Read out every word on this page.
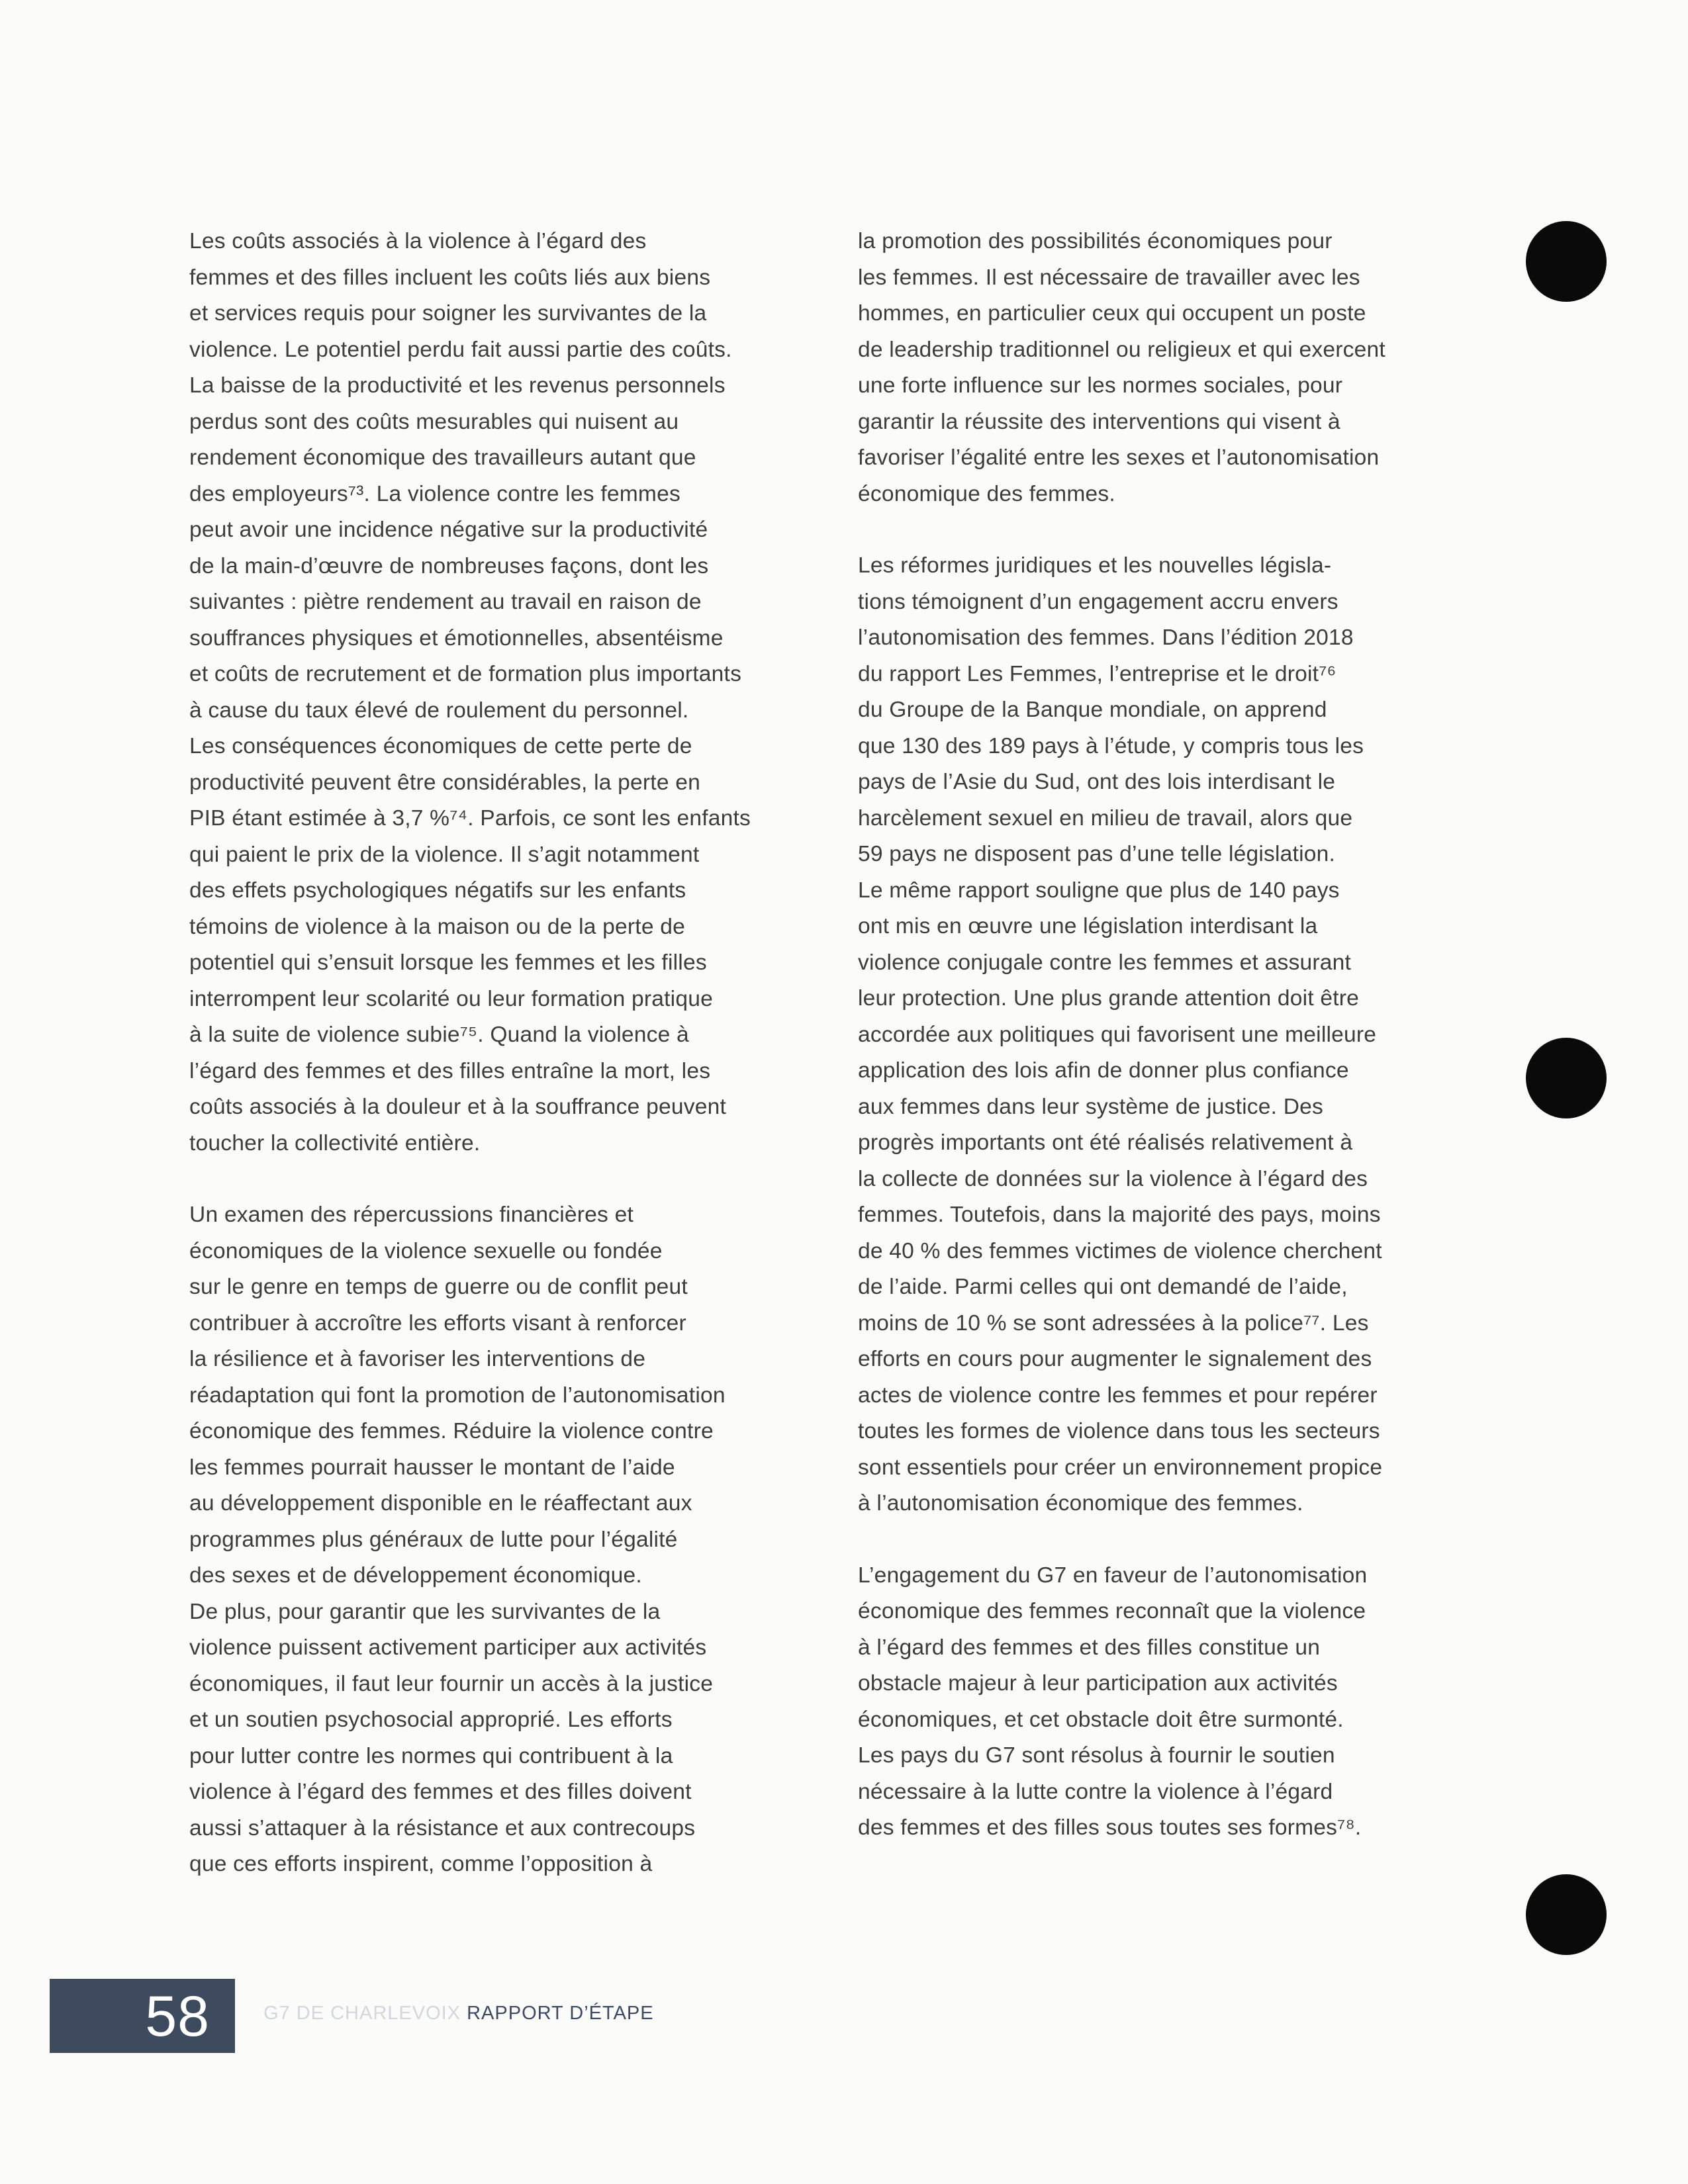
Les coûts associés à la violence à l’égard des
femmes et des filles incluent les coûts liés aux biens
et services requis pour soigner les survivantes de la
violence. Le potentiel perdu fait aussi partie des coûts.
La baisse de la productivité et les revenus personnels
perdus sont des coûts mesurables qui nuisent au
rendement économique des travailleurs autant que
des employeurs⁷³. La violence contre les femmes
peut avoir une incidence négative sur la productivité
de la main-d’œuvre de nombreuses façons, dont les
suivantes : piètre rendement au travail en raison de
souffrances physiques et émotionnelles, absentéisme
et coûts de recrutement et de formation plus importants
à cause du taux élevé de roulement du personnel.
Les conséquences économiques de cette perte de
productivité peuvent être considérables, la perte en
PIB étant estimée à 3,7 %⁷⁴. Parfois, ce sont les enfants
qui paient le prix de la violence. Il s’agit notamment
des effets psychologiques négatifs sur les enfants
témoins de violence à la maison ou de la perte de
potentiel qui s’ensuit lorsque les femmes et les filles
interrompent leur scolarité ou leur formation pratique
à la suite de violence subie⁷⁵. Quand la violence à
l’égard des femmes et des filles entraîne la mort, les
coûts associés à la douleur et à la souffrance peuvent
toucher la collectivité entière.

Un examen des répercussions financières et
économiques de la violence sexuelle ou fondée
sur le genre en temps de guerre ou de conflit peut
contribuer à accroître les efforts visant à renforcer
la résilience et à favoriser les interventions de
réadaptation qui font la promotion de l’autonomisation
économique des femmes. Réduire la violence contre
les femmes pourrait hausser le montant de l’aide
au développement disponible en le réaffectant aux
programmes plus généraux de lutte pour l’égalité
des sexes et de développement économique.
De plus, pour garantir que les survivantes de la
violence puissent activement participer aux activités
économiques, il faut leur fournir un accès à la justice
et un soutien psychosocial approprié. Les efforts
pour lutter contre les normes qui contribuent à la
violence à l’égard des femmes et des filles doivent
aussi s’attaquer à la résistance et aux contrecoups
que ces efforts inspirent, comme l’opposition à

la promotion des possibilités économiques pour
les femmes. Il est nécessaire de travailler avec les
hommes, en particulier ceux qui occupent un poste
de leadership traditionnel ou religieux et qui exercent
une forte influence sur les normes sociales, pour
garantir la réussite des interventions qui visent à
favoriser l’égalité entre les sexes et l’autonomisation
économique des femmes.

Les réformes juridiques et les nouvelles législa-
tions témoignent d’un engagement accru envers
l’autonomisation des femmes. Dans l’édition 2018
du rapport Les Femmes, l’entreprise et le droit⁷⁶
du Groupe de la Banque mondiale, on apprend
que 130 des 189 pays à l’étude, y compris tous les
pays de l’Asie du Sud, ont des lois interdisant le
harcèlement sexuel en milieu de travail, alors que
59 pays ne disposent pas d’une telle législation.
Le même rapport souligne que plus de 140 pays
ont mis en œuvre une législation interdisant la
violence conjugale contre les femmes et assurant
leur protection. Une plus grande attention doit être
accordée aux politiques qui favorisent une meilleure
application des lois afin de donner plus confiance
aux femmes dans leur système de justice. Des
progrès importants ont été réalisés relativement à
la collecte de données sur la violence à l’égard des
femmes. Toutefois, dans la majorité des pays, moins
de 40 % des femmes victimes de violence cherchent
de l’aide. Parmi celles qui ont demandé de l’aide,
moins de 10 % se sont adressées à la police⁷⁷. Les
efforts en cours pour augmenter le signalement des
actes de violence contre les femmes et pour repérer
toutes les formes de violence dans tous les secteurs
sont essentiels pour créer un environnement propice
à l’autonomisation économique des femmes.

L’engagement du G7 en faveur de l’autonomisation
économique des femmes reconnaît que la violence
à l’égard des femmes et des filles constitue un
obstacle majeur à leur participation aux activités
économiques, et cet obstacle doit être surmonté.
Les pays du G7 sont résolus à fournir le soutien
nécessaire à la lutte contre la violence à l’égard
des femmes et des filles sous toutes ses formes⁷⁸.

58	G7 DE CHARLEVOIX RAPPORT D’ÉTAPE
